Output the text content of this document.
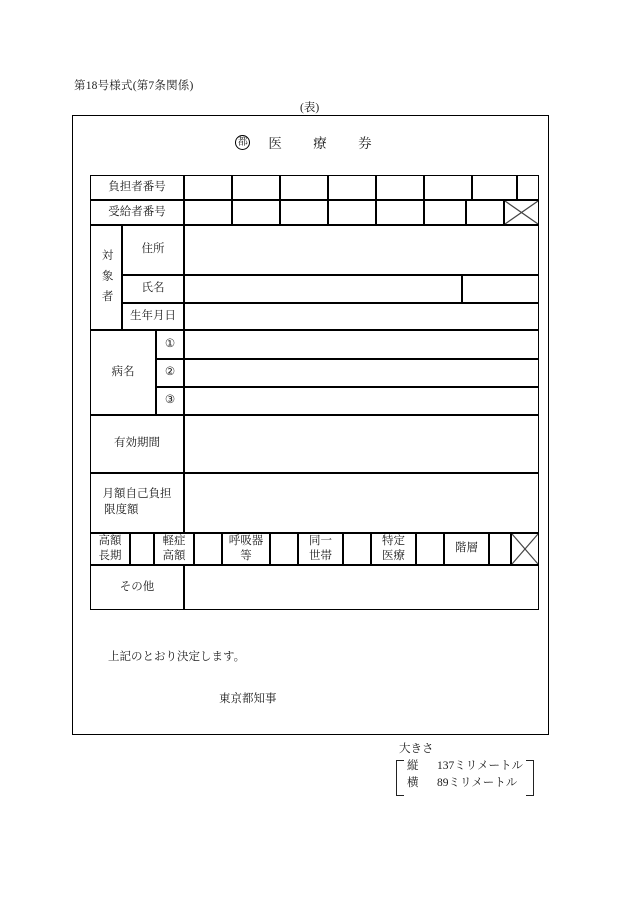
第18号様式(第7条関係)
(表)
都 医 療 券
負担者番号
受給者番号
対象者	住所
氏名
生年月日
病名
①
②
③
有効期間
月額自己負担
限度額
高額
長期
軽症
高額
呼吸器
等
同一
世帯
特定
医療
階層
その他
上記のとおり決定します。
東京都知事
大きさ
縦 137ミリメートル
横 89ミリメートル
